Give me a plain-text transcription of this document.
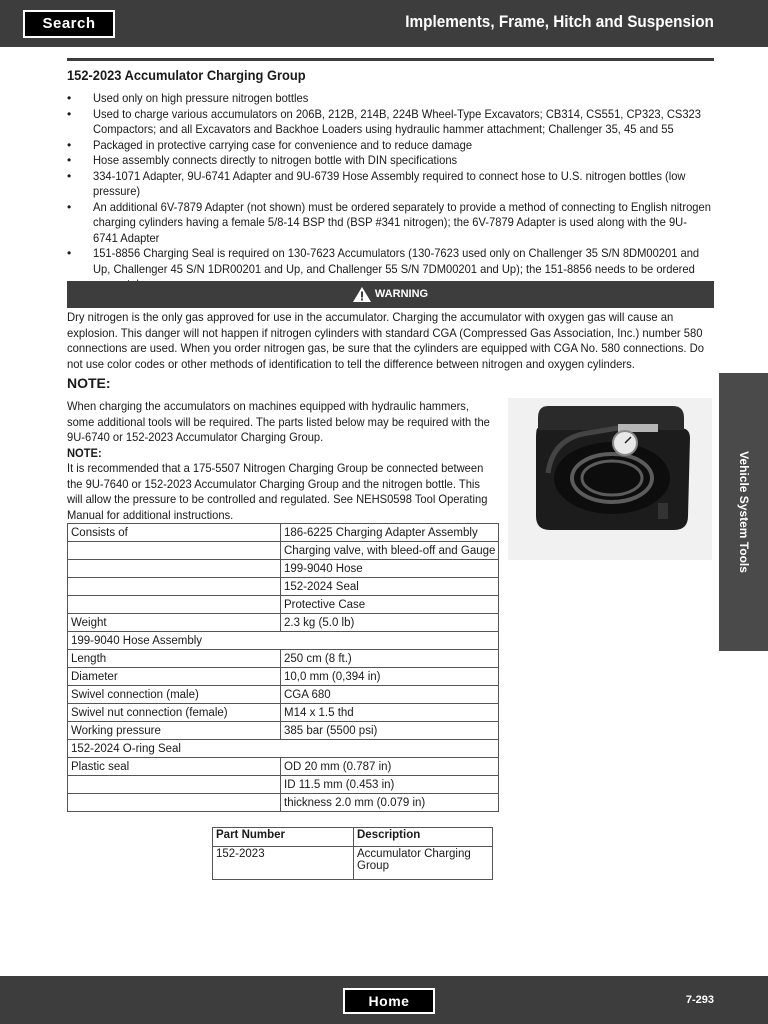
Search	Implements, Frame, Hitch and Suspension
152-2023 Accumulator Charging Group
• Used only on high pressure nitrogen bottles
• Used to charge various accumulators on 206B, 212B, 214B, 224B Wheel-Type Excavators; CB314, CS551, CP323, CS323 Compactors; and all Excavators and Backhoe Loaders using hydraulic hammer attachment; Challenger 35, 45 and 55
• Packaged in protective carrying case for convenience and to reduce damage
• Hose assembly connects directly to nitrogen bottle with DIN specifications
• 334-1071 Adapter, 9U-6741 Adapter and 9U-6739 Hose Assembly required to connect hose to U.S. nitrogen bottles (low pressure)
• An additional 6V-7879 Adapter (not shown) must be ordered separately to provide a method of connecting to English nitrogen charging cylinders having a female 5/8-14 BSP thd (BSP #341 nitrogen); the 6V-7879 Adapter is used along with the 9U-6741 Adapter
• 151-8856 Charging Seal is required on 130-7623 Accumulators (130-7623 used only on Challenger 35 S/N 8DM00201 and Up, Challenger 45 S/N 1DR00201 and Up, and Challenger 55 S/N 7DM00201 and Up); the 151-8856 needs to be ordered
WARNING
Dry nitrogen is the only gas approved for use in the accumulator. Charging the accumulator with oxygen gas will cause an explosion. This danger will not happen if nitrogen cylinders with standard CGA (Compressed Gas Association, Inc.) number 580 connections are used. When you order nitrogen gas, be sure that the cylinders are equipped with CGA No. 580 connections. Do not use color codes or other methods of identification to tell the difference between nitrogen and oxygen cylinders.
NOTE:

When charging the accumulators on machines equipped with hydraulic hammers, some additional tools will be required. The parts listed below may be required with the 9U-6740 or 152-2023 Accumulator Charging Group.

NOTE:

It is recommended that a 175-5507 Nitrogen Charging Group be connected between the 9U-7640 or 152-2023 Accumulator Charging Group and the nitrogen bottle. This will allow the pressure to be controlled and regulated. See NEHS0598 Tool Operating Manual for additional instructions.

Consists of	186-6225 Charging Adapter Assembly
	Charging valve, with bleed-off and Gauge
	199-9040 Hose
	152-2024 Seal
	Protective Case
Weight	2.3 kg (5.0 lb)
199-9040 Hose Assembly	
Length	250 cm (8 ft.)
Diameter	10,0 mm (0,394 in)
Swivel connection (male)	CGA 680
Swivel nut connection (female)	M14 x 1.5 thd
Working pressure	385 bar (5500 psi)
152-2024 O-ring Seal	
Plastic seal	OD 20 mm (0.787 in)
	ID 11.5 mm (0.453 in)
	thickness 2.0 mm (0.079 in)
Part Number	Description
152-2023	Accumulator Charging Group
Vehicle System Tools
Home	7-293
